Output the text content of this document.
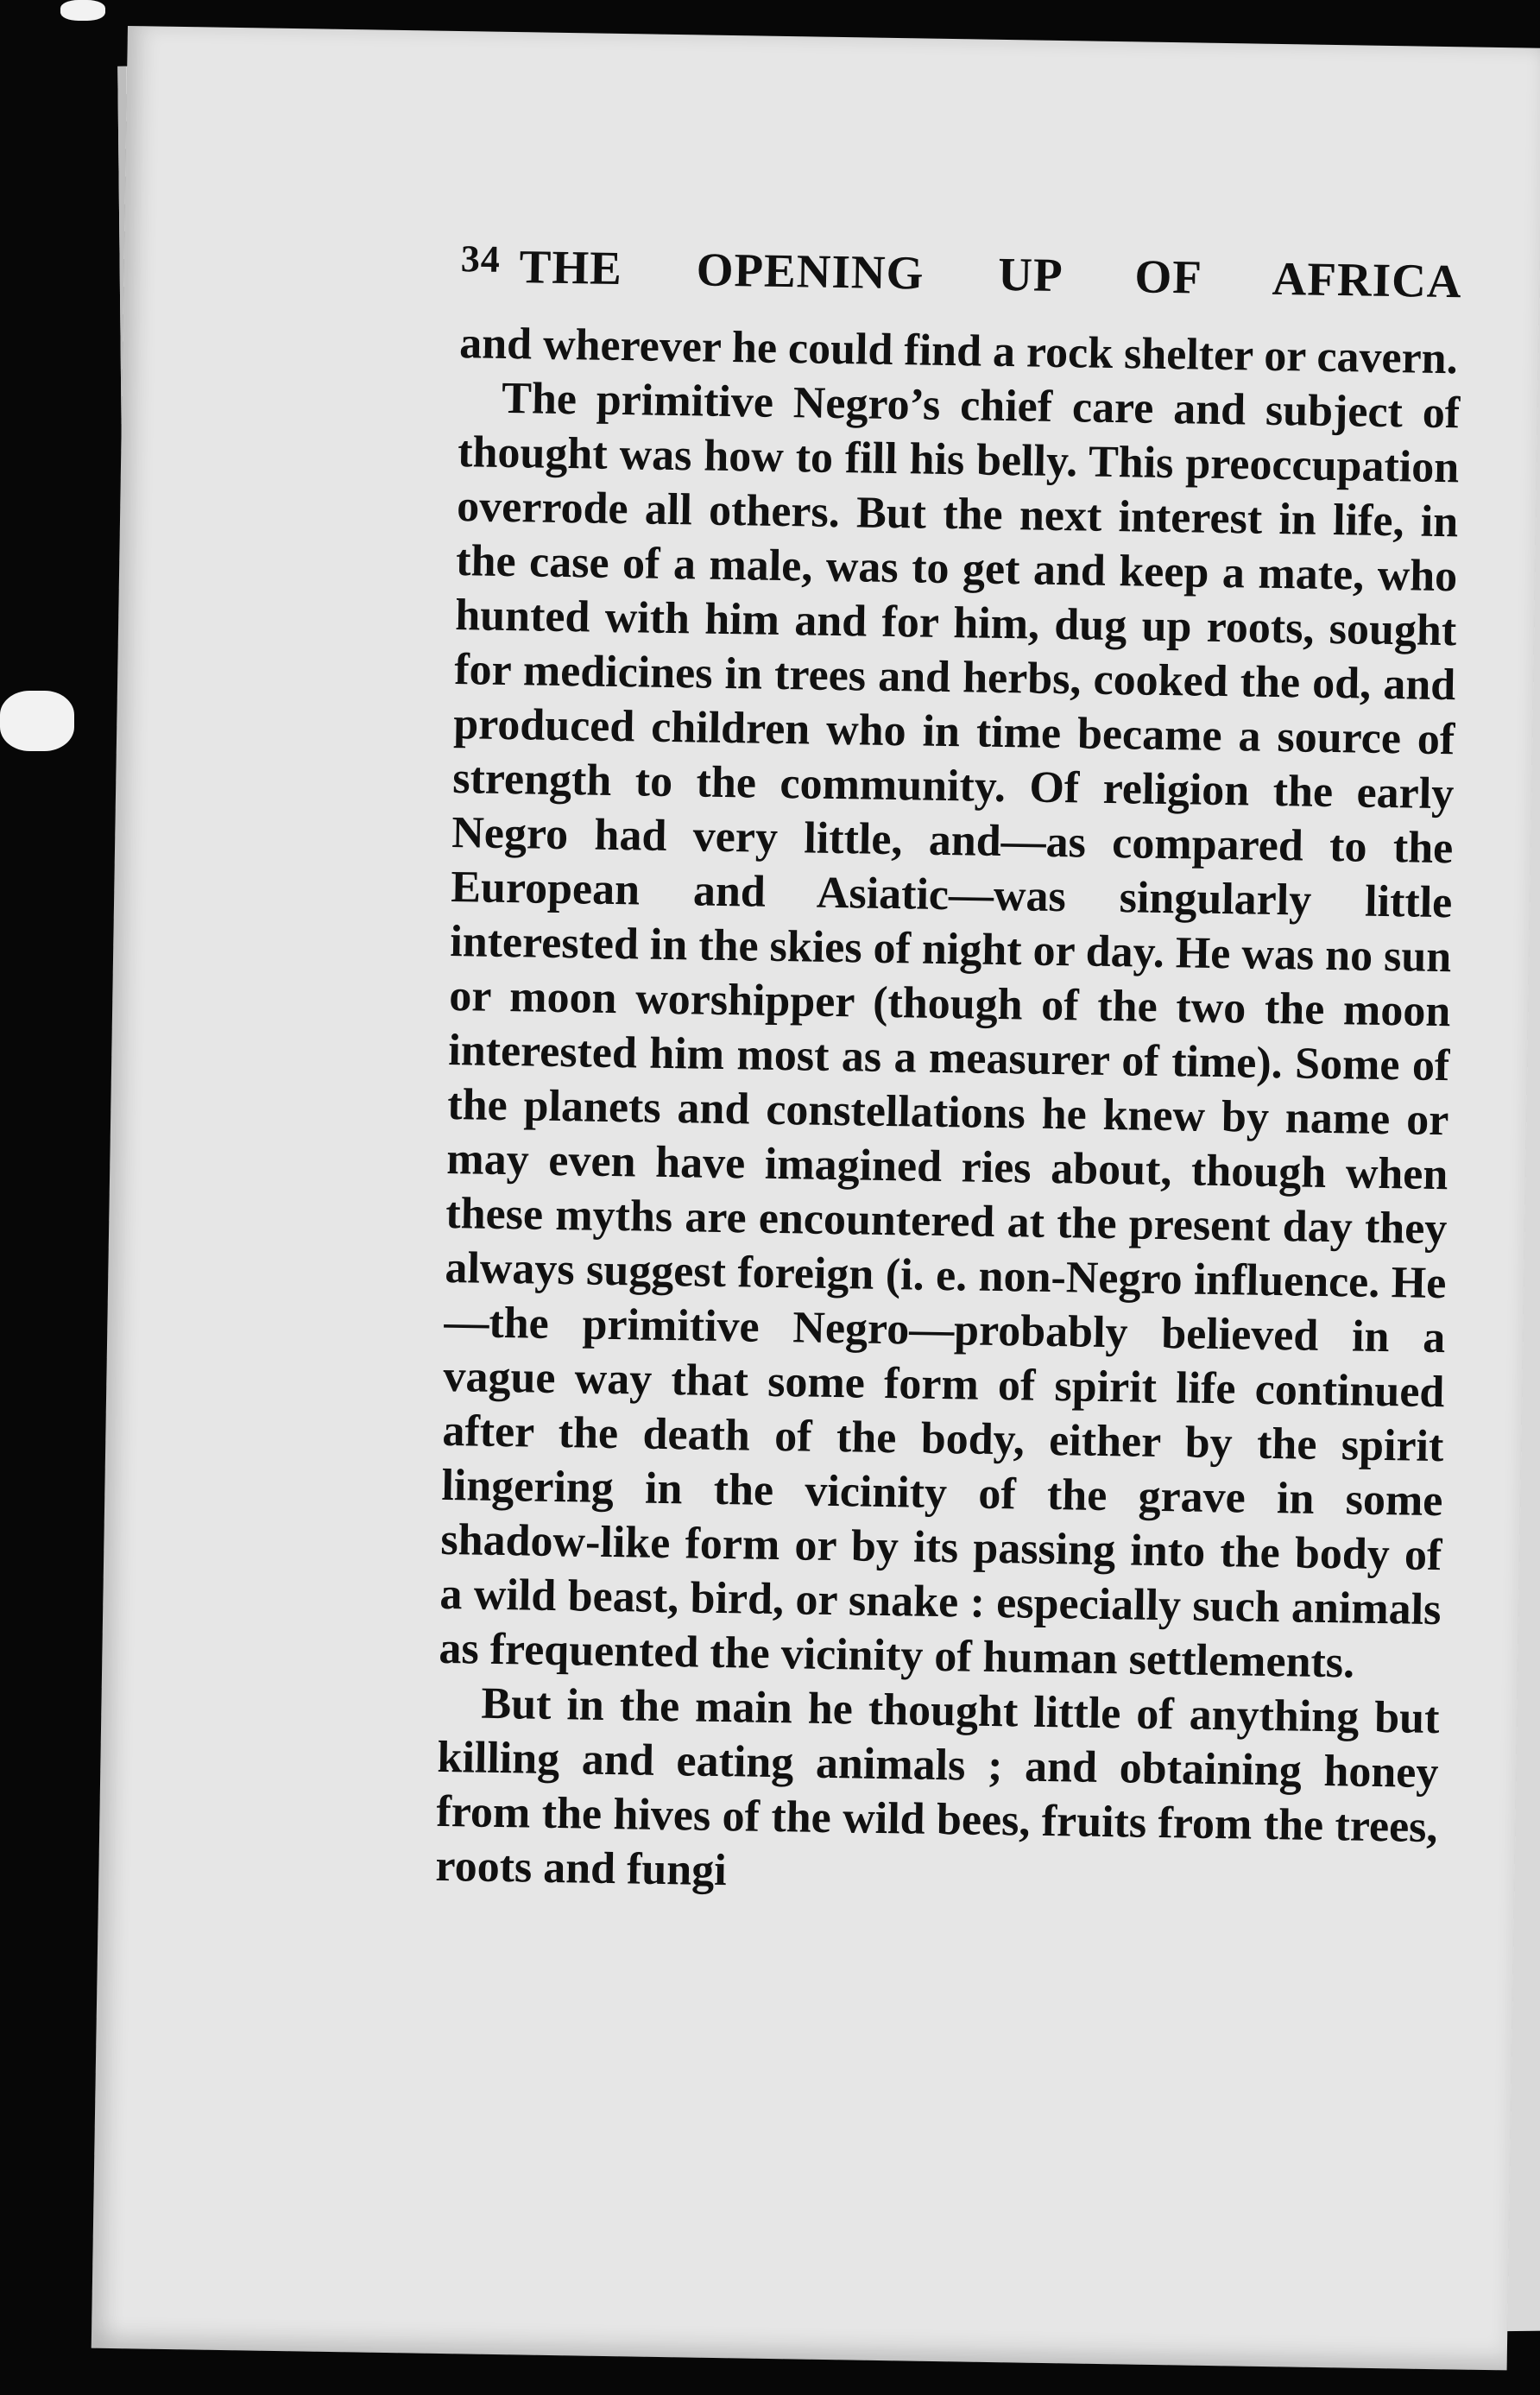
34 THE OPENING UP OF AFRICA

and wherever he could find a rock shelter or cavern.

The primitive Negro’s chief care and subject of thought was how to fill his belly. This preoccupation overrode all others. But the next interest in life, in the case of a male, was to get and keep a mate, who hunted with him and for him, dug up roots, sought for medicines in trees and herbs, cooked the od, and produced children who in time became a source of strength to the community. Of religion the early Negro had very little, and—as compared to the European and Asiatic—was singularly little interested in the skies of night or day. He was no sun or moon worshipper (though of the two the moon interested him most as a measurer of time). Some of the planets and constellations he knew by name or may even have imagined ries about, though when these myths are encountered at the present day they always suggest foreign (i. e. non-Negro influence. He—the primitive Negro—probably believed in a vague way that some form of spirit life continued after the death of the body, either by the spirit lingering in the vicinity of the grave in some shadow-like form or by its passing into the body of a wild beast, bird, or snake : especially such animals as frequented the vicinity of human settlements.

But in the main he thought little of anything but killing and eating animals ; and obtaining honey from the hives of the wild bees, fruits from the trees, roots and fungi
